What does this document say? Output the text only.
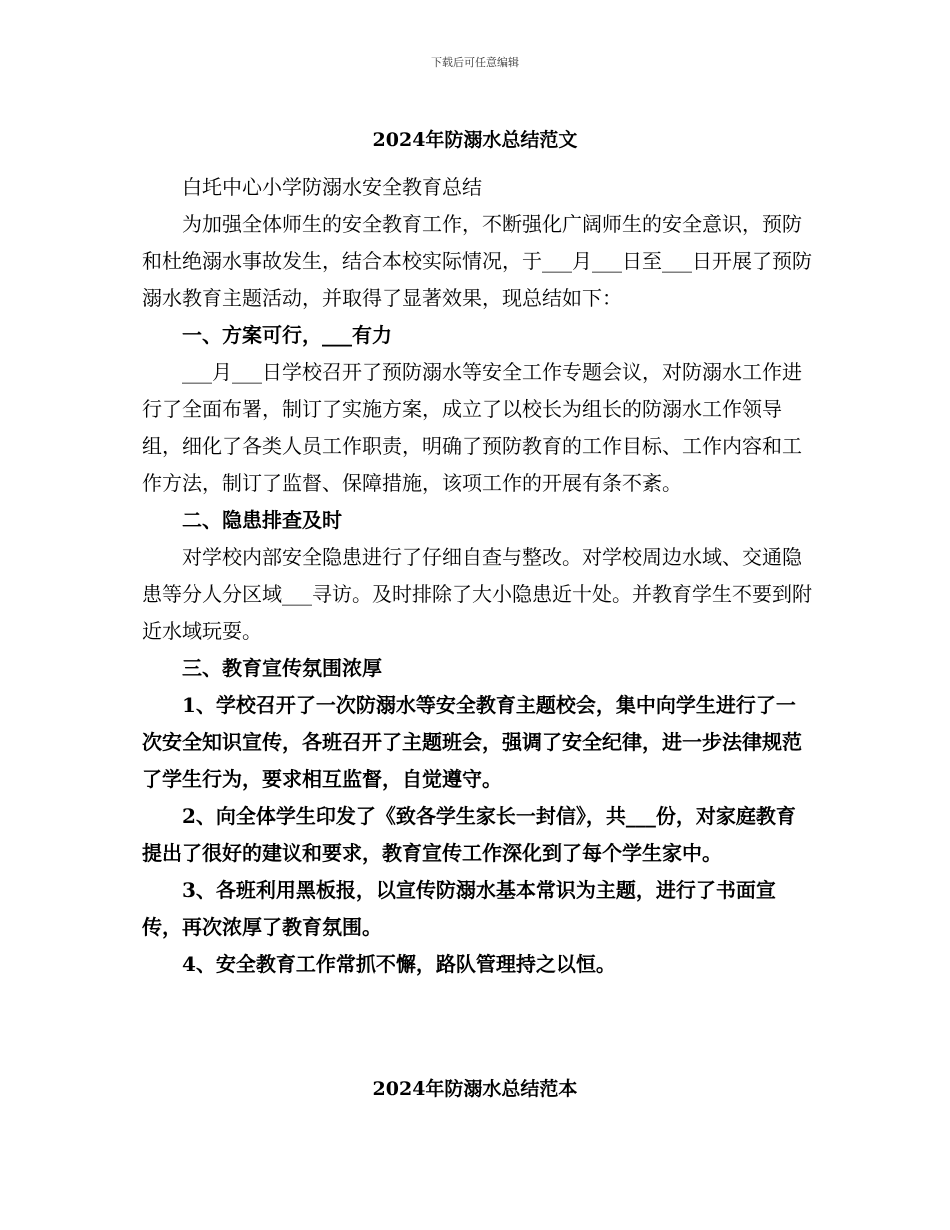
下载后可任意编辑
2024年防溺水总结范文

白圫中心小学防溺水安全教育总结

为加强全体师生的安全教育工作，不断强化广阔师生的安全意识，预防和杜绝溺水事故发生，结合本校实际情况，于___月___日至___日开展了预防溺水教育主题活动，并取得了显著效果，现总结如下：

一、方案可行，___有力

___月___日学校召开了预防溺水等安全工作专题会议，对防溺水工作进行了全面布署，制订了实施方案，成立了以校长为组长的防溺水工作领导组，细化了各类人员工作职责，明确了预防教育的工作目标、工作内容和工作方法，制订了监督、保障措施，该项工作的开展有条不紊。

二、隐患排查及时

对学校内部安全隐患进行了仔细自查与整改。对学校周边水域、交通隐患等分人分区域___寻访。及时排除了大小隐患近十处。并教育学生不要到附近水域玩耍。

三、教育宣传氛围浓厚

1、学校召开了一次防溺水等安全教育主题校会，集中向学生进行了一次安全知识宣传，各班召开了主题班会，强调了安全纪律，进一步法律规范了学生行为，要求相互监督，自觉遵守。

2、向全体学生印发了《致各学生家长一封信》，共___份，对家庭教育提出了很好的建议和要求，教育宣传工作深化到了每个学生家中。

3、各班利用黑板报，以宣传防溺水基本常识为主题，进行了书面宣传，再次浓厚了教育氛围。

4、安全教育工作常抓不懈，路队管理持之以恒。

2024年防溺水总结范本
